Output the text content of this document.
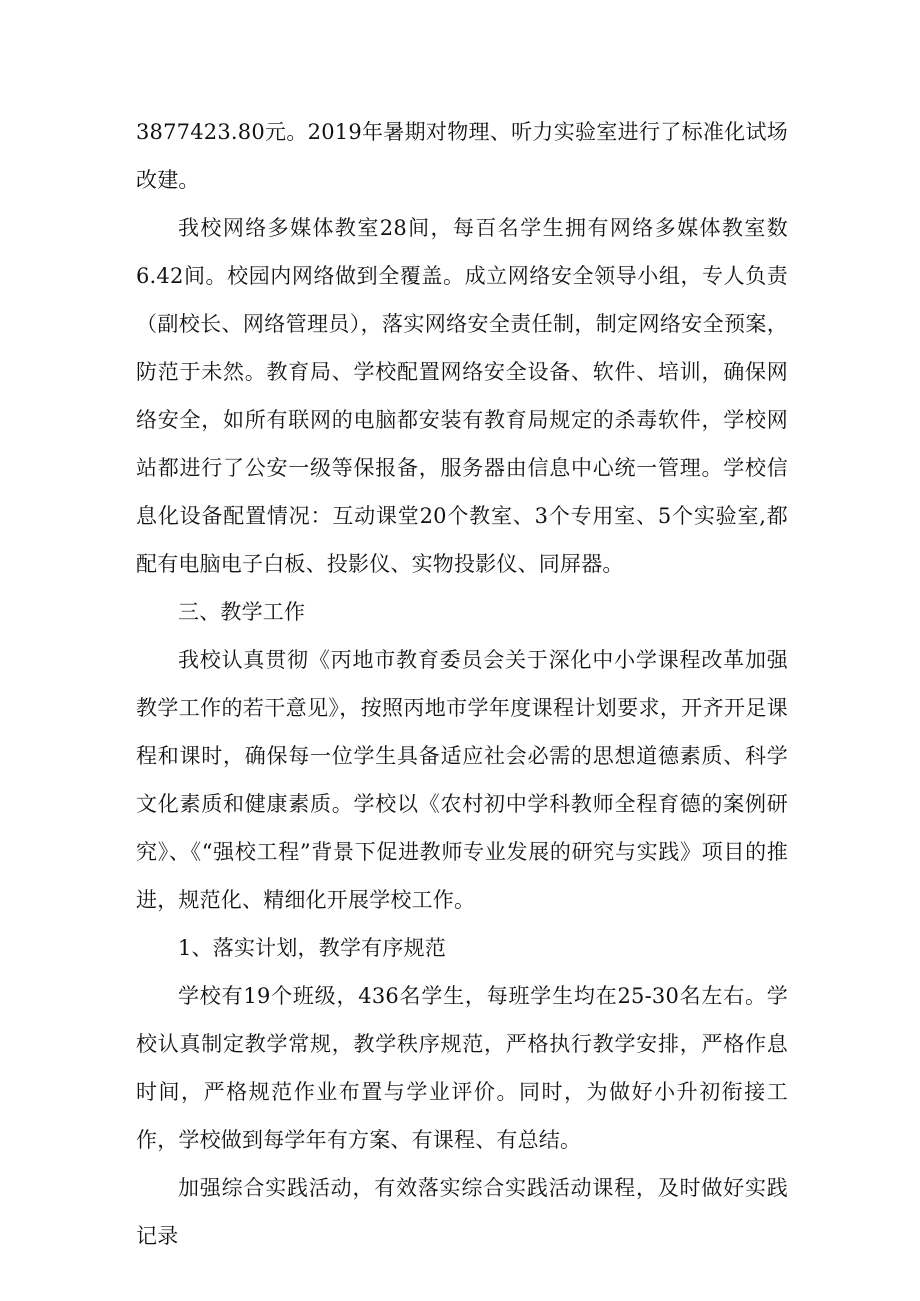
3877423.80元。2019年暑期对物理、听力实验室进行了标准化试场改建。

我校网络多媒体教室28间，每百名学生拥有网络多媒体教室数6.42间。校园内网络做到全覆盖。成立网络安全领导小组，专人负责（副校长、网络管理员），落实网络安全责任制，制定网络安全预案，防范于未然。教育局、学校配置网络安全设备、软件、培训，确保网络安全，如所有联网的电脑都安装有教育局规定的杀毒软件，学校网站都进行了公安一级等保报备，服务器由信息中心统一管理。学校信息化设备配置情况：互动课堂20个教室、3个专用室、5个实验室,都配有电脑电子白板、投影仪、实物投影仪、同屏器。

三、教学工作

我校认真贯彻《丙地市教育委员会关于深化中小学课程改革加强教学工作的若干意见》，按照丙地市学年度课程计划要求，开齐开足课程和课时，确保每一位学生具备适应社会必需的思想道德素质、科学文化素质和健康素质。学校以《农村初中学科教师全程育德的案例研究》、《“强校工程”背景下促进教师专业发展的研究与实践》项目的推进，规范化、精细化开展学校工作。

1、落实计划，教学有序规范

学校有19个班级，436名学生，每班学生均在25-30名左右。学校认真制定教学常规，教学秩序规范，严格执行教学安排，严格作息时间，严格规范作业布置与学业评价。同时，为做好小升初衔接工作，学校做到每学年有方案、有课程、有总结。

加强综合实践活动，有效落实综合实践活动课程，及时做好实践记录
